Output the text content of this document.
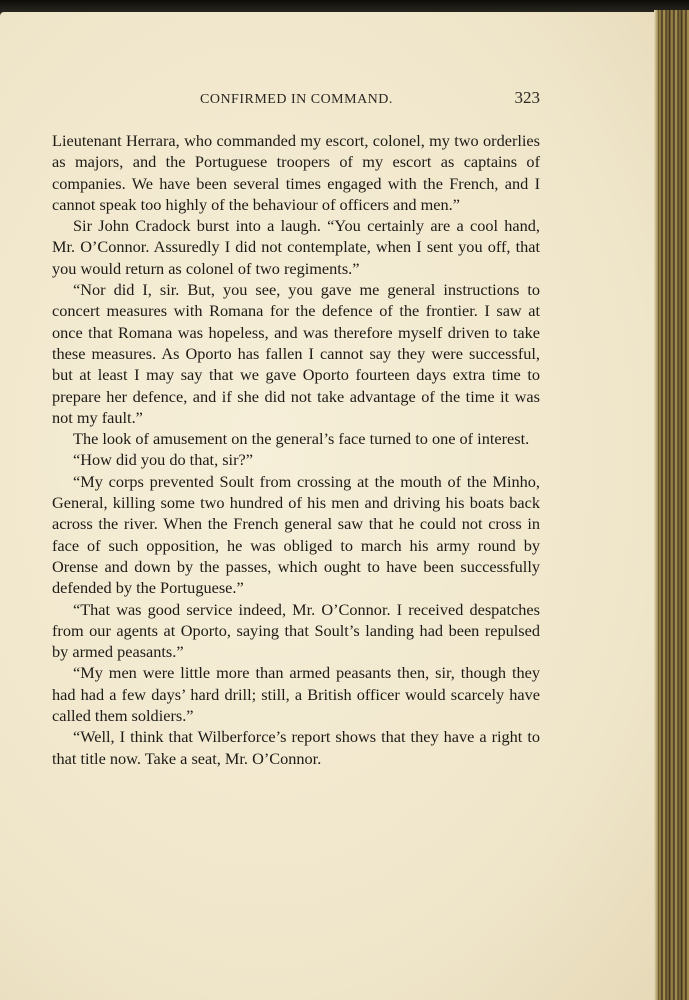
CONFIRMED IN COMMAND.	323

Lieutenant Herrara, who commanded my escort, colonel, my two orderlies as majors, and the Portuguese troopers of my escort as captains of companies. We have been several times engaged with the French, and I cannot speak too highly of the behaviour of officers and men.”

Sir John Cradock burst into a laugh. “You certainly are a cool hand, Mr. O’Connor. Assuredly I did not contemplate, when I sent you off, that you would return as colonel of two regiments.”

“Nor did I, sir. But, you see, you gave me general instructions to concert measures with Romana for the defence of the frontier. I saw at once that Romana was hopeless, and was therefore myself driven to take these measures. As Oporto has fallen I cannot say they were successful, but at least I may say that we gave Oporto fourteen days extra time to prepare her defence, and if she did not take advantage of the time it was not my fault.”

The look of amusement on the general’s face turned to one of interest.

“How did you do that, sir?”

“My corps prevented Soult from crossing at the mouth of the Minho, General, killing some two hundred of his men and driving his boats back across the river. When the French general saw that he could not cross in face of such opposition, he was obliged to march his army round by Orense and down by the passes, which ought to have been successfully defended by the Portuguese.”

“That was good service indeed, Mr. O’Connor. I received despatches from our agents at Oporto, saying that Soult’s landing had been repulsed by armed peasants.”

“My men were little more than armed peasants then, sir, though they had had a few days’ hard drill; still, a British officer would scarcely have called them soldiers.”

“Well, I think that Wilberforce’s report shows that they have a right to that title now. Take a seat, Mr. O’Connor.
